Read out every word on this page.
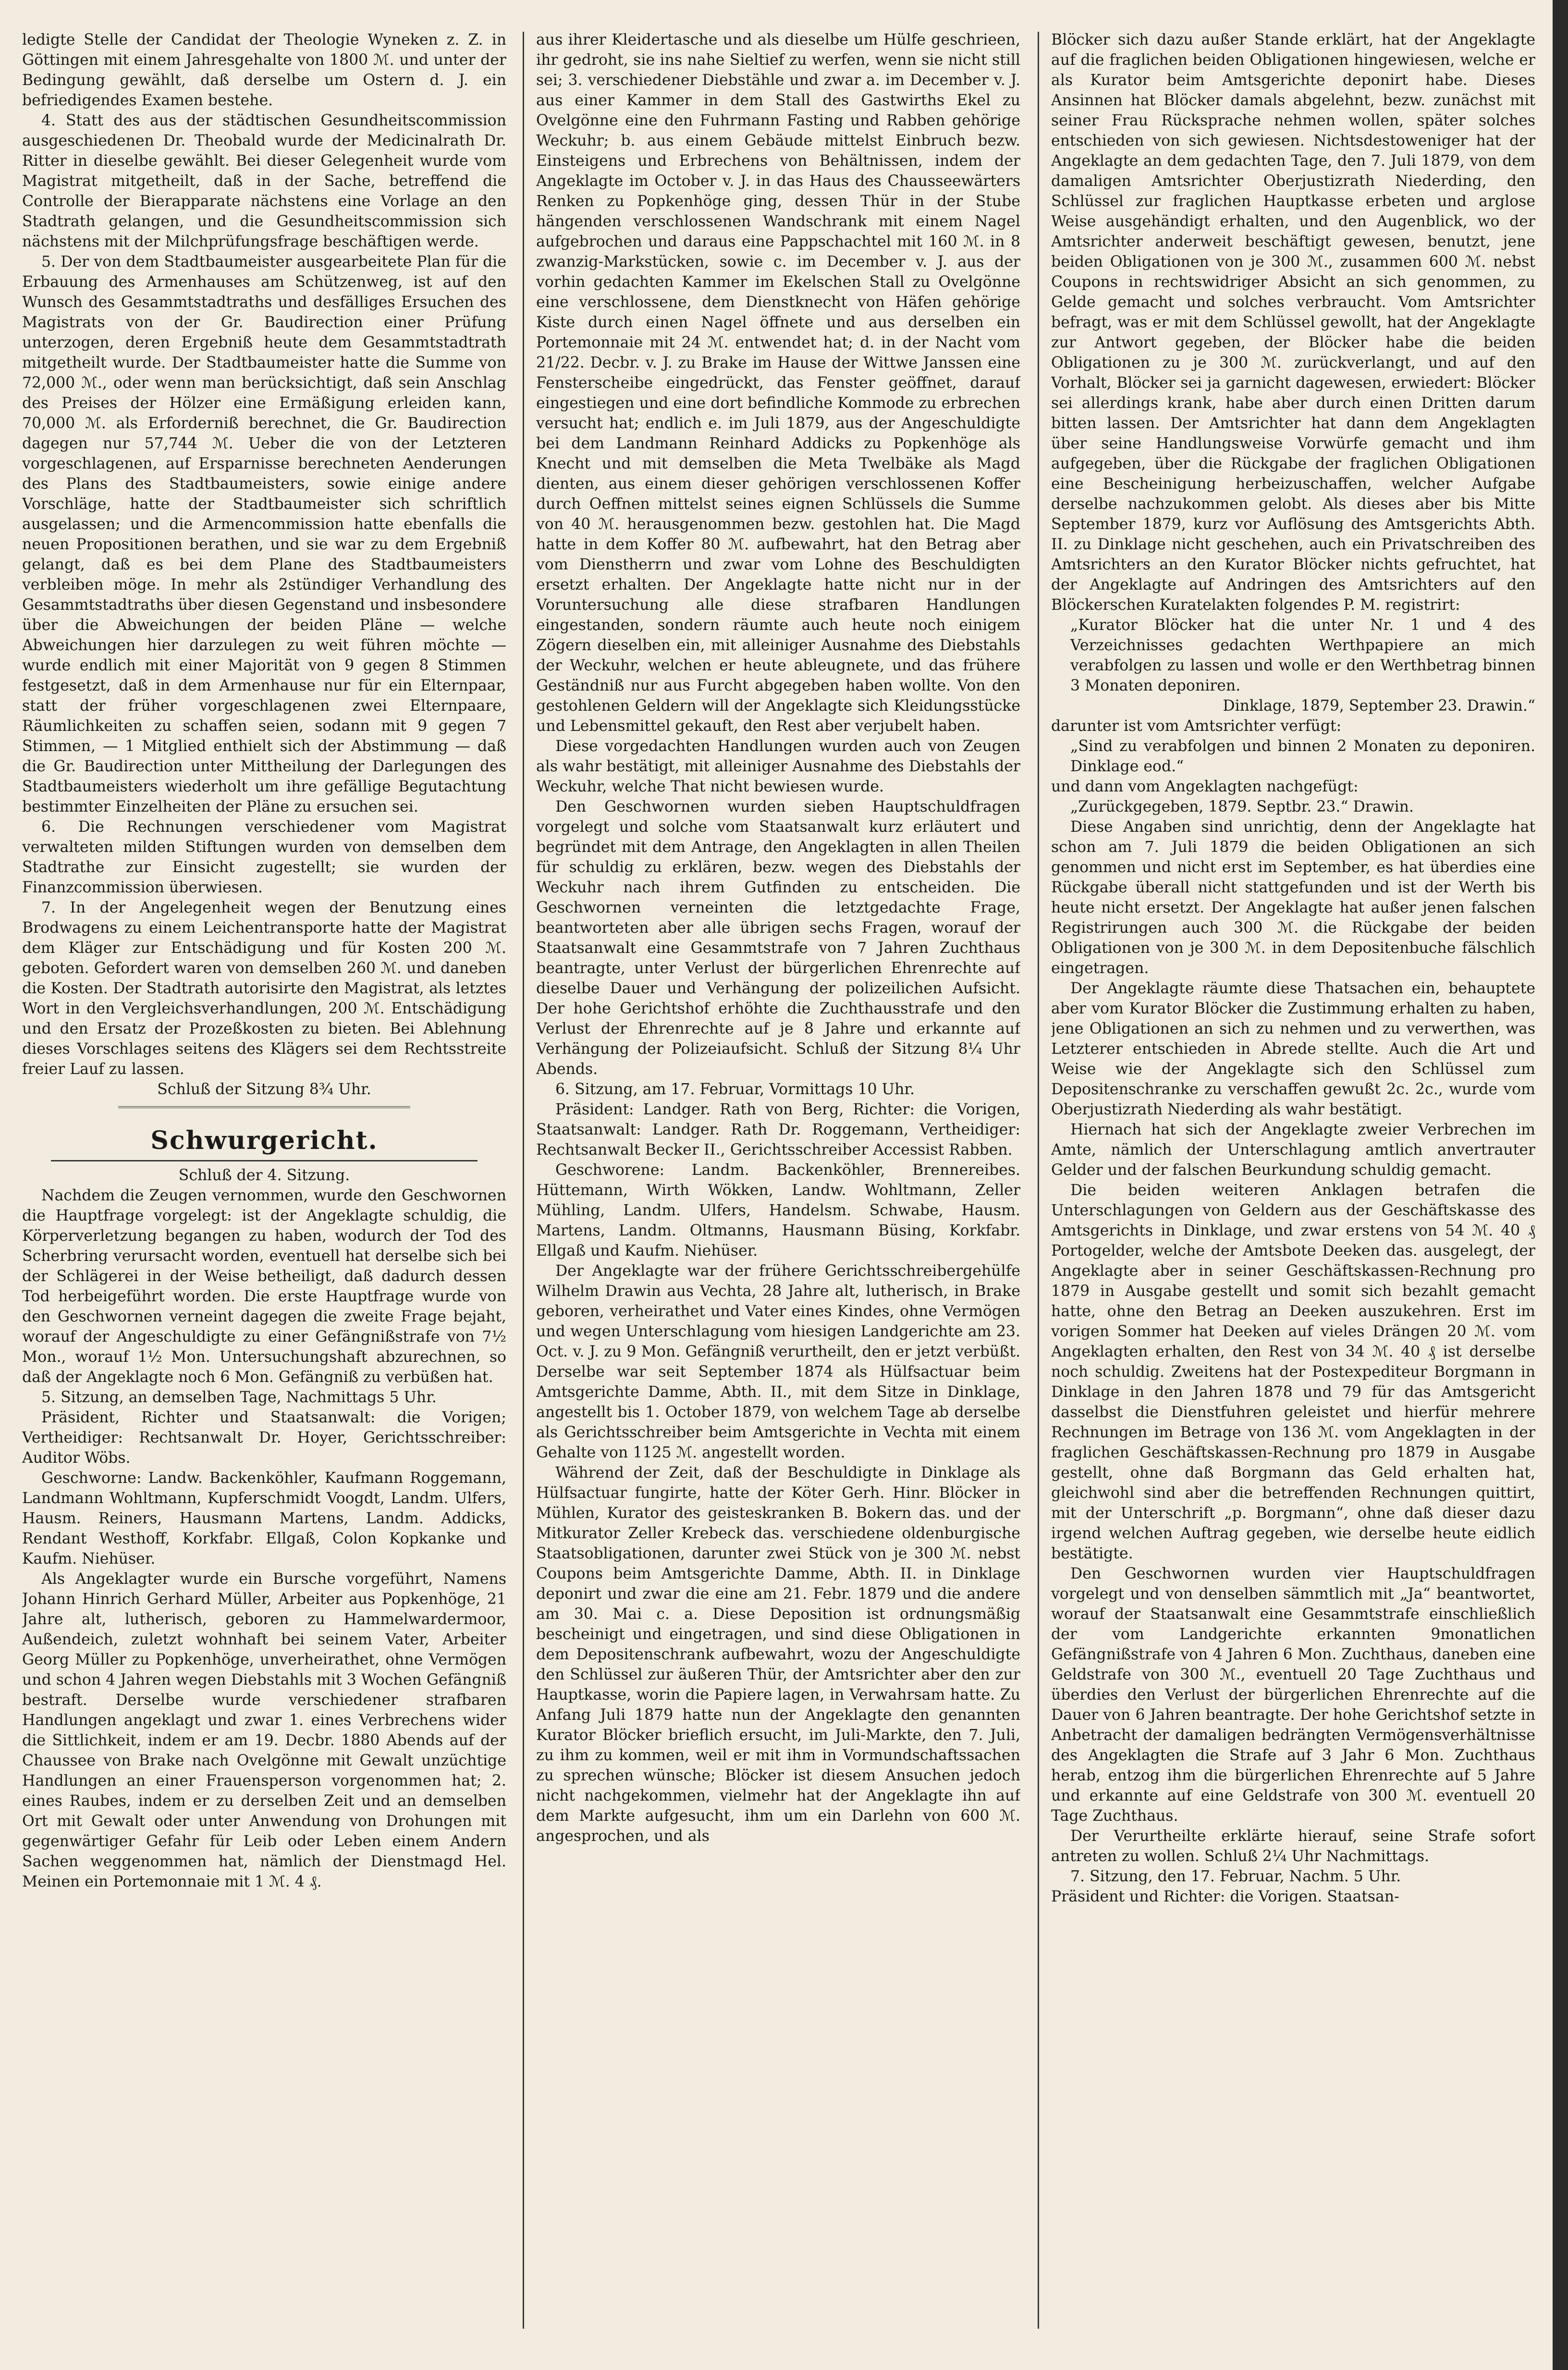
ledigte Stelle der Candidat der Theologie Wyneken z. Z. in Göttingen mit einem Jahresgehalte von 1800 ℳ. und unter der Bedingung gewählt, daß derselbe um Ostern d. J. ein befriedigendes Examen bestehe.

4. Statt des aus der städtischen Gesundheitscommission ausgeschiedenen Dr. Theobald wurde der Medicinalrath Dr. Ritter in dieselbe gewählt. Bei dieser Gelegenheit wurde vom Magistrat mitgetheilt, daß in der Sache, betreffend die Controlle der Bierapparate nächstens eine Vorlage an den Stadtrath gelangen, und die Gesundheitscommission sich nächstens mit der Milchprüfungsfrage beschäftigen werde.

5. Der von dem Stadtbaumeister ausgearbeitete Plan für die Erbauung des Armenhauses am Schützenweg, ist auf den Wunsch des Gesammtstadtraths und desfälliges Ersuchen des Magistrats von der Gr. Baudirection einer Prüfung unterzogen, deren Ergebniß heute dem Gesammtstadtrath mitgetheilt wurde. Der Stadtbaumeister hatte die Summe von 72,000 ℳ., oder wenn man berücksichtigt, daß sein Anschlag des Preises der Hölzer eine Ermäßigung erleiden kann, 70,000 ℳ. als Erforderniß berechnet, die Gr. Baudirection dagegen nur 57,744 ℳ. Ueber die von der Letzteren vorgeschlagenen, auf Ersparnisse berechneten Aenderungen des Plans des Stadtbaumeisters, sowie einige andere Vorschläge, hatte der Stadtbaumeister sich schriftlich ausgelassen; und die Armencommission hatte ebenfalls die neuen Propositionen berathen, und sie war zu dem Ergebniß gelangt, daß es bei dem Plane des Stadtbaumeisters verbleiben möge. In mehr als 2stündiger Verhandlung des Gesammtstadtraths über diesen Gegenstand und insbesondere über die Abweichungen der beiden Pläne — welche Abweichungen hier darzulegen zu weit führen möchte — wurde endlich mit einer Majorität von 9 gegen 8 Stimmen festgesetzt, daß in dem Armenhause nur für ein Elternpaar, statt der früher vorgeschlagenen zwei Elternpaare, Räumlichkeiten zu schaffen seien, sodann mit 9 gegen 7 Stimmen, — 1 Mitglied enthielt sich der Abstimmung — daß die Gr. Baudirection unter Mittheilung der Darlegungen des Stadtbaumeisters wiederholt um ihre gefällige Begutachtung bestimmter Einzelheiten der Pläne zu ersuchen sei.

6. Die Rechnungen verschiedener vom Magistrat verwalteten milden Stiftungen wurden von demselben dem Stadtrathe zur Einsicht zugestellt; sie wurden der Finanzcommission überwiesen.

7. In der Angelegenheit wegen der Benutzung eines Brodwagens zu einem Leichentransporte hatte der Magistrat dem Kläger zur Entschädigung und für Kosten 200 ℳ. geboten. Gefordert waren von demselben 260 ℳ. und daneben die Kosten. Der Stadtrath autorisirte den Magistrat, als letztes Wort in den Vergleichsverhandlungen, 200 ℳ. Entschädigung und den Ersatz der Prozeßkosten zu bieten. Bei Ablehnung dieses Vorschlages seitens des Klägers sei dem Rechtsstreite freier Lauf zu lassen.

Schluß der Sitzung 8¾ Uhr.

Schwurgericht.

Schluß der 4. Sitzung.

Nachdem die Zeugen vernommen, wurde den Geschwornen die Hauptfrage vorgelegt: ist der Angeklagte schuldig, die Körperverletzung begangen zu haben, wodurch der Tod des Scherbring verursacht worden, eventuell hat derselbe sich bei der Schlägerei in der Weise betheiligt, daß dadurch dessen Tod herbeigeführt worden. Die erste Hauptfrage wurde von den Geschwornen verneint dagegen die zweite Frage bejaht, worauf der Angeschuldigte zu einer Gefängnißstrafe von 7½ Mon., worauf 1½ Mon. Untersuchungshaft abzurechnen, so daß der Angeklagte noch 6 Mon. Gefängniß zu verbüßen hat.

5. Sitzung, an demselben Tage, Nachmittags 5 Uhr.

Präsident, Richter und Staatsanwalt: die Vorigen; Vertheidiger: Rechtsanwalt Dr. Hoyer, Gerichtsschreiber: Auditor Wöbs.

Geschworne: Landw. Backenköhler, Kaufmann Roggemann, Landmann Wohltmann, Kupferschmidt Voogdt, Landm. Ulfers, Hausm. Reiners, Hausmann Martens, Landm. Addicks, Rendant Westhoff, Korkfabr. Ellgaß, Colon Kopkanke und Kaufm. Niehüser.

Als Angeklagter wurde ein Bursche vorgeführt, Namens Johann Hinrich Gerhard Müller, Arbeiter aus Popkenhöge, 21 Jahre alt, lutherisch, geboren zu Hammelwardermoor, Außendeich, zuletzt wohnhaft bei seinem Vater, Arbeiter Georg Müller zu Popkenhöge, unverheirathet, ohne Vermögen und schon 4 Jahren wegen Diebstahls mit 3 Wochen Gefängniß bestraft. Derselbe wurde verschiedener strafbaren Handlungen angeklagt und zwar 1. eines Verbrechens wider die Sittlichkeit, indem er am 19. Decbr. 1880 Abends auf der Chaussee von Brake nach Ovelgönne mit Gewalt unzüchtige Handlungen an einer Frauensperson vorgenommen hat; 2. eines Raubes, indem er zu derselben Zeit und an demselben Ort mit Gewalt oder unter Anwendung von Drohungen mit gegenwärtiger Gefahr für Leib oder Leben einem Andern Sachen weggenommen hat, nämlich der Dienstmagd Hel. Meinen ein Portemonnaie mit 1 ℳ. 4 ₰.

aus ihrer Kleidertasche und als dieselbe um Hülfe geschrieen, ihr gedroht, sie ins nahe Sieltief zu werfen, wenn sie nicht still sei; 3. verschiedener Diebstähle und zwar a. im December v. J. aus einer Kammer in dem Stall des Gastwirths Ekel zu Ovelgönne eine den Fuhrmann Fasting und Rabben gehörige Weckuhr; b. aus einem Gebäude mittelst Einbruch bezw. Einsteigens und Erbrechens von Behältnissen, indem der Angeklagte im October v. J. in das Haus des Chausseewärters Renken zu Popkenhöge ging, dessen Thür in der Stube hängenden verschlossenen Wandschrank mit einem Nagel aufgebrochen und daraus eine Pappschachtel mit 160 ℳ. in 8 zwanzig-Markstücken, sowie c. im December v. J. aus der vorhin gedachten Kammer im Ekelschen Stall zu Ovelgönne eine verschlossene, dem Dienstknecht von Häfen gehörige Kiste durch einen Nagel öffnete und aus derselben ein Portemonnaie mit 24 ℳ. entwendet hat; d. in der Nacht vom 21/22. Decbr. v. J. zu Brake im Hause der Wittwe Janssen eine Fensterscheibe eingedrückt, das Fenster geöffnet, darauf eingestiegen und eine dort befindliche Kommode zu erbrechen versucht hat; endlich e. im Juli 1879, aus der Angeschuldigte bei dem Landmann Reinhard Addicks zu Popkenhöge als Knecht und mit demselben die Meta Twelbäke als Magd dienten, aus einem dieser gehörigen verschlossenen Koffer durch Oeffnen mittelst seines eignen Schlüssels die Summe von 40 ℳ. herausgenommen bezw. gestohlen hat. Die Magd hatte in dem Koffer 80 ℳ. aufbewahrt, hat den Betrag aber vom Dienstherrn und zwar vom Lohne des Beschuldigten ersetzt erhalten. Der Angeklagte hatte nicht nur in der Voruntersuchung alle diese strafbaren Handlungen eingestanden, sondern räumte auch heute noch einigem Zögern dieselben ein, mit alleiniger Ausnahme des Diebstahls der Weckuhr, welchen er heute ableugnete, und das frühere Geständniß nur aus Furcht abgegeben haben wollte. Von den gestohlenen Geldern will der Angeklagte sich Kleidungsstücke und Lebensmittel gekauft, den Rest aber verjubelt haben.

Diese vorgedachten Handlungen wurden auch von Zeugen als wahr bestätigt, mit alleiniger Ausnahme des Diebstahls der Weckuhr, welche That nicht bewiesen wurde.

Den Geschwornen wurden sieben Hauptschuldfragen vorgelegt und solche vom Staatsanwalt kurz erläutert und begründet mit dem Antrage, den Angeklagten in allen Theilen für schuldig zu erklären, bezw. wegen des Diebstahls der Weckuhr nach ihrem Gutfinden zu entscheiden. Die Geschwornen verneinten die letztgedachte Frage, beantworteten aber alle übrigen sechs Fragen, worauf der Staatsanwalt eine Gesammtstrafe von 7 Jahren Zuchthaus beantragte, unter Verlust der bürgerlichen Ehrenrechte auf dieselbe Dauer und Verhängung der polizeilichen Aufsicht. Der hohe Gerichtshof erhöhte die Zuchthausstrafe und den Verlust der Ehrenrechte auf je 8 Jahre und erkannte auf Verhängung der Polizeiaufsicht. Schluß der Sitzung 8¼ Uhr Abends.

6. Sitzung, am 17. Februar, Vormittags 10 Uhr.

Präsident: Landger. Rath von Berg, Richter: die Vorigen, Staatsanwalt: Landger. Rath Dr. Roggemann, Vertheidiger: Rechtsanwalt Becker II., Gerichtsschreiber Accessist Rabben.

Geschworene: Landm. Backenköhler, Brennereibes. Hüttemann, Wirth Wökken, Landw. Wohltmann, Zeller Mühling, Landm. Ulfers, Handelsm. Schwabe, Hausm. Martens, Landm. Oltmanns, Hausmann Büsing, Korkfabr. Ellgaß und Kaufm. Niehüser.

Der Angeklagte war der frühere Gerichtsschreibergehülfe Wilhelm Drawin aus Vechta, 28 Jahre alt, lutherisch, in Brake geboren, verheirathet und Vater eines Kindes, ohne Vermögen und wegen Unterschlagung vom hiesigen Landgerichte am 23. Oct. v. J. zu 9 Mon. Gefängniß verurtheilt, den er jetzt verbüßt. Derselbe war seit September 1874 als Hülfsactuar beim Amtsgerichte Damme, Abth. II., mit dem Sitze in Dinklage, angestellt bis 1. October 1879, von welchem Tage ab derselbe als Gerichtsschreiber beim Amtsgerichte in Vechta mit einem Gehalte von 1125 ℳ. angestellt worden.

Während der Zeit, daß der Beschuldigte in Dinklage als Hülfsactuar fungirte, hatte der Köter Gerh. Hinr. Blöcker in Mühlen, Kurator des geisteskranken B. Bokern das. und der Mitkurator Zeller Krebeck das. verschiedene oldenburgische Staatsobligationen, darunter zwei Stück von je 300 ℳ. nebst Coupons beim Amtsgerichte Damme, Abth. II. in Dinklage deponirt und zwar die eine am 21. Febr. 1879 und die andere am 30. Mai c. a. Diese Deposition ist ordnungsmäßig bescheinigt und eingetragen, und sind diese Obligationen in dem Depositenschrank aufbewahrt, wozu der Angeschuldigte den Schlüssel zur äußeren Thür, der Amtsrichter aber den zur Hauptkasse, worin die Papiere lagen, in Verwahrsam hatte. Zu Anfang Juli 1879 hatte nun der Angeklagte den genannten Kurator Blöcker brieflich ersucht, im Juli-Markte, den 7. Juli, zu ihm zu kommen, weil er mit ihm in Vormundschaftssachen zu sprechen wünsche; Blöcker ist diesem Ansuchen jedoch nicht nachgekommen, vielmehr hat der Angeklagte ihn auf dem Markte aufgesucht, ihm um ein Darlehn von 600 ℳ. angesprochen, und als

Blöcker sich dazu außer Stande erklärt, hat der Angeklagte auf die fraglichen beiden Obligationen hingewiesen, welche er als Kurator beim Amtsgerichte deponirt habe. Dieses Ansinnen hat Blöcker damals abgelehnt, bezw. zunächst mit seiner Frau Rücksprache nehmen wollen, später solches entschieden von sich gewiesen. Nichtsdestoweniger hat der Angeklagte an dem gedachten Tage, den 7. Juli 1879, von dem damaligen Amtsrichter Oberjustizrath Niederding, den Schlüssel zur fraglichen Hauptkasse erbeten und arglose Weise ausgehändigt erhalten, und den Augenblick, wo der Amtsrichter anderweit beschäftigt gewesen, benutzt, jene beiden Obligationen von je 300 ℳ., zusammen 600 ℳ. nebst Coupons in rechtswidriger Absicht an sich genommen, zu Gelde gemacht und solches verbraucht. Vom Amtsrichter befragt, was er mit dem Schlüssel gewollt, hat der Angeklagte zur Antwort gegeben, der Blöcker habe die beiden Obligationen zu je 300 ℳ. zurückverlangt, und auf den Vorhalt, Blöcker sei ja garnicht dagewesen, erwiedert: Blöcker sei allerdings krank, habe aber durch einen Dritten darum bitten lassen. Der Amtsrichter hat dann dem Angeklagten über seine Handlungsweise Vorwürfe gemacht und ihm aufgegeben, über die Rückgabe der fraglichen Obligationen eine Bescheinigung herbeizuschaffen, welcher Aufgabe derselbe nachzukommen gelobt. Als dieses aber bis Mitte September 1879, kurz vor Auflösung des Amtsgerichts Abth. II. zu Dinklage nicht geschehen, auch ein Privatschreiben des Amtsrichters an den Kurator Blöcker nichts gefruchtet, hat der Angeklagte auf Andringen des Amtsrichters auf den Blöckerschen Kuratelakten folgendes P. M. registrirt:

„Kurator Blöcker hat die unter Nr. 1 und 4 des Verzeichnisses gedachten Werthpapiere an mich verabfolgen zu lassen und wolle er den Werthbetrag binnen 3 Monaten deponiren.

Dinklage, 1879, September 23. Drawin.“

darunter ist vom Amtsrichter verfügt:

„Sind zu verabfolgen und binnen 2 Monaten zu deponiren. Dinklage eod.“

und dann vom Angeklagten nachgefügt:

„Zurückgegeben, 1879. Septbr. 23.“ Drawin.

Diese Angaben sind unrichtig, denn der Angeklagte hat schon am 7. Juli 1879 die beiden Obligationen an sich genommen und nicht erst im September, es hat überdies eine Rückgabe überall nicht stattgefunden und ist der Werth bis heute nicht ersetzt. Der Angeklagte hat außer jenen falschen Registrirungen auch 300 ℳ. die Rückgabe der beiden Obligationen von je 300 ℳ. in dem Depositenbuche fälschlich eingetragen.

Der Angeklagte räumte diese Thatsachen ein, behauptete aber vom Kurator Blöcker die Zustimmung erhalten zu haben, jene Obligationen an sich zu nehmen und zu verwerthen, was Letzterer entschieden in Abrede stellte. Auch die Art und Weise wie der Angeklagte sich den Schlüssel zum Depositenschranke zu verschaffen gewußt 2c. 2c., wurde vom Oberjustizrath Niederding als wahr bestätigt.

Hiernach hat sich der Angeklagte zweier Verbrechen im Amte, nämlich der Unterschlagung amtlich anvertrauter Gelder und der falschen Beurkundung schuldig gemacht.

Die beiden weiteren Anklagen betrafen die Unterschlagungen von Geldern aus der Geschäftskasse des Amtsgerichts in Dinklage, und zwar erstens von 54 ℳ. 40 ₰ Portogelder, welche der Amtsbote Deeken das. ausgelegt, der Angeklagte aber in seiner Geschäftskassen-Rechnung pro 1879 in Ausgabe gestellt und somit sich bezahlt gemacht hatte, ohne den Betrag an Deeken auszukehren. Erst im vorigen Sommer hat Deeken auf vieles Drängen 20 ℳ. vom Angeklagten erhalten, den Rest von 34 ℳ. 40 ₰ ist derselbe noch schuldig. Zweitens hat der Postexpediteur Borgmann in Dinklage in den Jahren 1878 und 79 für das Amtsgericht dasselbst die Dienstfuhren geleistet und hierfür mehrere Rechnungen im Betrage von 136 ℳ. vom Angeklagten in der fraglichen Geschäftskassen-Rechnung pro 1879 in Ausgabe gestellt, ohne daß Borgmann das Geld erhalten hat, gleichwohl sind aber die betreffenden Rechnungen quittirt, mit der Unterschrift „p. Borgmann“, ohne daß dieser dazu irgend welchen Auftrag gegeben, wie derselbe heute eidlich bestätigte.

Den Geschwornen wurden vier Hauptschuldfragen vorgelegt und von denselben sämmtlich mit „Ja“ beantwortet, worauf der Staatsanwalt eine Gesammtstrafe einschließlich der vom Landgerichte erkannten 9monatlichen Gefängnißstrafe von 4 Jahren 6 Mon. Zuchthaus, daneben eine Geldstrafe von 300 ℳ., eventuell 20 Tage Zuchthaus und überdies den Verlust der bürgerlichen Ehrenrechte auf die Dauer von 6 Jahren beantragte. Der hohe Gerichtshof setzte in Anbetracht der damaligen bedrängten Vermögensverhältnisse des Angeklagten die Strafe auf 3 Jahr 6 Mon. Zuchthaus herab, entzog ihm die bürgerlichen Ehrenrechte auf 5 Jahre und erkannte auf eine Geldstrafe von 300 ℳ. eventuell 20 Tage Zuchthaus.

Der Verurtheilte erklärte hierauf, seine Strafe sofort antreten zu wollen. Schluß 2¼ Uhr Nachmittags.

7. Sitzung, den 17. Februar, Nachm. 5 Uhr.

Präsident und Richter: die Vorigen. Staatsan-
